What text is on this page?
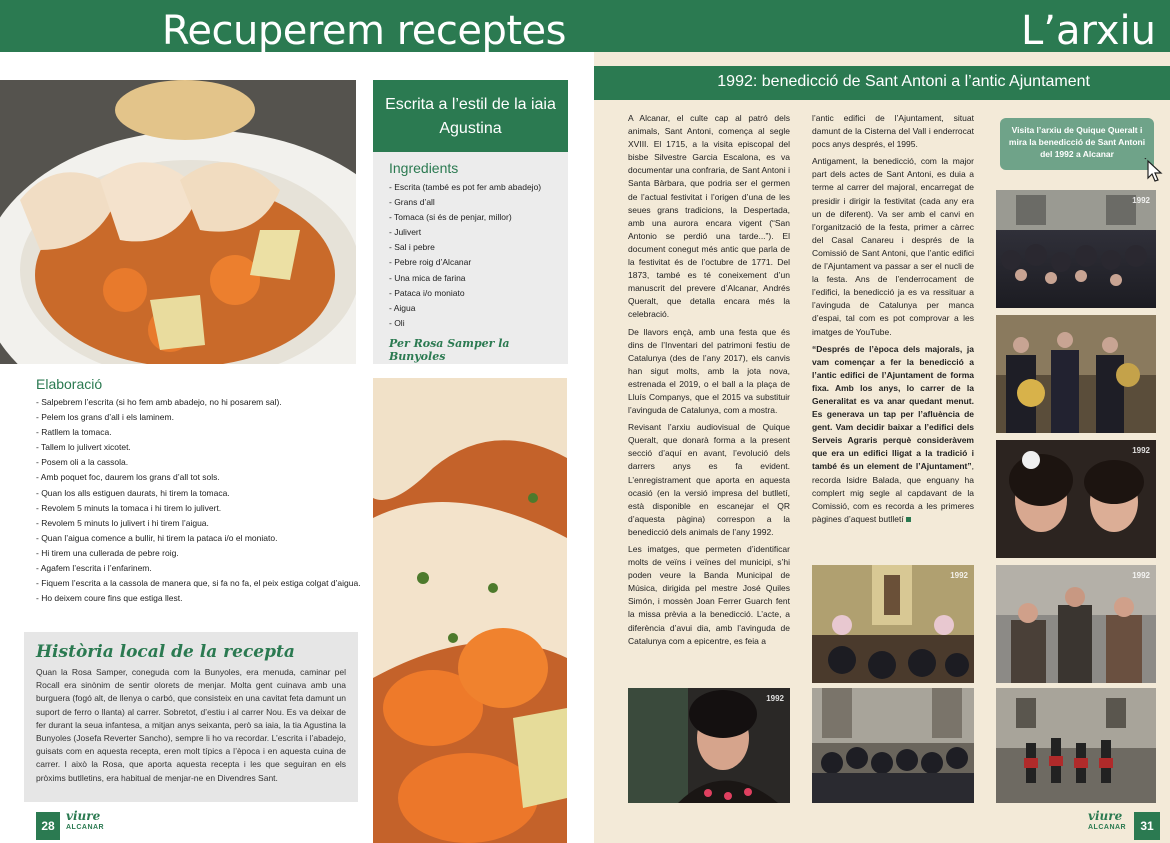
Recuperem receptes
Escrita a l’estil de la iaia Agustina
Ingredients
- Escrita (també es pot fer amb abadejo)
- Grans d’all
- Tomaca (si és de penjar, millor)
- Julivert
- Sal i pebre
- Pebre roig d’Alcanar
- Una mica de farina
- Pataca i/o moniato
- Aigua
- Oli
Per Rosa Samper la Bunyoles
Elaboració
- Salpebrem l’escrita (si ho fem amb abadejo, no hi posarem sal).
- Pelem los grans d’all i els laminem.
- Ratllem la tomaca.
- Tallem lo julivert xicotet.
- Posem oli a la cassola.
- Amb poquet foc, daurem los grans d’all tot sols.
- Quan los alls estiguen daurats, hi tirem la tomaca.
- Revolem 5 minuts la tomaca i hi tirem lo julivert.
- Revolem 5 minuts lo julivert i hi tirem l’aigua.
- Quan l’aigua comence a bullir, hi tirem la pataca i/o el moniato.
- Hi tirem una cullerada de pebre roig.
- Agafem l’escrita i l’enfarinem.
- Fiquem l’escrita a la cassola de manera que, si fa no fa, el peix estiga colgat d’aigua.
- Ho deixem coure fins que estiga llest.
Història local de la recepta
Quan la Rosa Samper, coneguda com la Bunyoles, era menuda, caminar pel Rocall era sinònim de sentir olorets de menjar. Molta gent cuinava amb una burguera (fogó alt, de llenya o carbó, que consisteix en una cavitat feta damunt un suport de ferro o llanta) al carrer. Sobretot, d’estiu i al carrer Nou. Es va deixar de fer durant la seua infantesa, a mitjan anys seixanta, però sa iaia, la tia Agustina la Bunyoles (Josefa Reverter Sancho), sempre li ho va recordar. L’escrita i l’abadejo, guisats com en aquesta recepta, eren molt típics a l’època i en aquesta cuina de carrer. I això la Rosa, que aporta aquesta recepta i les que seguiran en els pròxims butlletins, era habitual de menjar-ne en Divendres Sant.
28
viure
ALCANAR
L’arxiu
1992: benedicció de Sant Antoni a l’antic Ajuntament

A Alcanar, el culte cap al patró dels animals, Sant Antoni, comença al segle XVIII. El 1715, a la visita episcopal del bisbe Silvestre Garcia Escalona, es va documentar una confraria, de Sant Antoni i Santa Bàrbara, que podria ser el germen de l’actual festivitat i l’origen d’una de les seues grans tradicions, la Despertada, amb una aurora encara vigent (“San Antonio se perdió una tarde...”). El document conegut més antic que parla de la festivitat és de l’octubre de 1771. Del 1873, també es té coneixement d’un manuscrit del prevere d’Alcanar, Andrés Queralt, que detalla encara més la celebració.

De llavors ençà, amb una festa que és dins de l’Inventari del patrimoni festiu de Catalunya (des de l’any 2017), els canvis han sigut molts, amb la jota nova, estrenada el 2019, o el ball a la plaça de Lluís Companys, que el 2015 va substituir l’avinguda de Catalunya, com a mostra.

Revisant l’arxiu audiovisual de Quique Queralt, que donarà forma a la present secció d’aquí en avant, l’evolució dels darrers anys es fa evident. L’enregistrament que aporta en aquesta ocasió (en la versió impresa del butlletí, està disponible en escanejar el QR d’aquesta pàgina) correspon a la benedicció dels animals de l’any 1992.

Les imatges, que permeten d’identificar molts de veïns i veïnes del municipi, s’hi poden veure la Banda Municipal de Música, dirigida pel mestre José Quiles Simón, i mossèn Joan Ferrer Guarch fent la missa prèvia a la benedicció. L’acte, a diferència d’avui dia, amb l’avinguda de Catalunya com a epicentre, es feia a

l’antic edifici de l’Ajuntament, situat damunt de la Cisterna del Vall i enderrocat pocs anys després, el 1995.

Antigament, la benedicció, com la major part dels actes de Sant Antoni, es duia a terme al carrer del majoral, encarregat de presidir i dirigir la festivitat (cada any era un de diferent). Va ser amb el canvi en l’organització de la festa, primer a càrrec del Casal Canareu i després de la Comissió de Sant Antoni, que l’antic edifici de l’Ajuntament va passar a ser el nucli de la festa. Ans de l’enderrocament de l’edifici, la benedicció ja es va ressituar a l’avinguda de Catalunya per manca d’espai, tal com es pot comprovar a les imatges de YouTube.

“Després de l’època dels majorals, ja vam començar a fer la benedicció a l’antic edifici de l’Ajuntament de forma fixa. Amb los anys, lo carrer de la Generalitat es va anar quedant menut. Es generava un tap per l’afluència de gent. Vam decidir baixar a l’edifici dels Serveis Agraris perquè consideràvem que era un edifici lligat a la tradició i també és un element de l’Ajuntament”, recorda Isidre Balada, que enguany ha complert mig segle al capdavant de la Comissió, com es recorda a les primeres pàgines d’aquest butlletí

Visita l’arxiu de Quique Queralt i mira la benedicció de Sant Antoni del 1992 a Alcanar
1992
1992
1992
1992
1992
viure
ALCANAR	31
